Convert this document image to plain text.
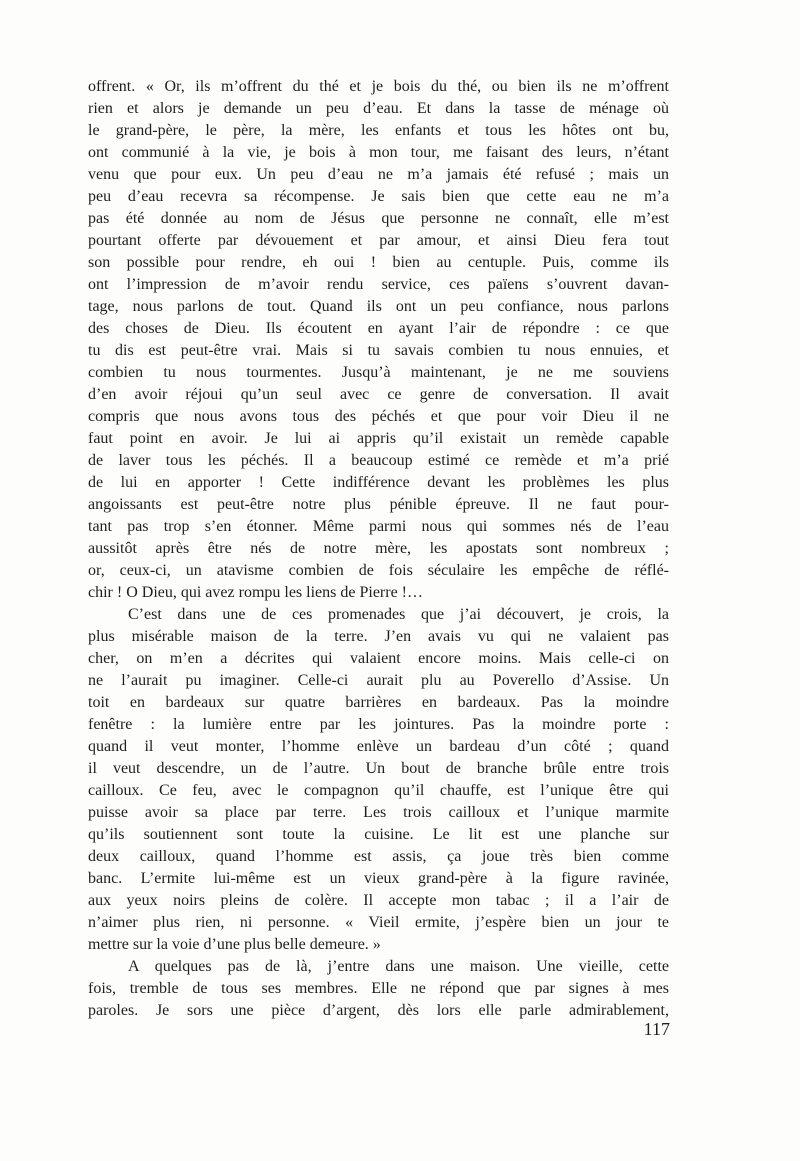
offrent. « Or, ils m’offrent du thé et je bois du thé, ou bien ils ne m’offrent
rien et alors je demande un peu d’eau. Et dans la tasse de ménage où
le grand-père, le père, la mère, les enfants et tous les hôtes ont bu,
ont communié à la vie, je bois à mon tour, me faisant des leurs, n’étant
venu que pour eux. Un peu d’eau ne m’a jamais été refusé ; mais un
peu d’eau recevra sa récompense. Je sais bien que cette eau ne m’a
pas été donnée au nom de Jésus que personne ne connaît, elle m’est
pourtant offerte par dévouement et par amour, et ainsi Dieu fera tout
son possible pour rendre, eh oui ! bien au centuple. Puis, comme ils
ont l’impression de m’avoir rendu service, ces païens s’ouvrent davan-
tage, nous parlons de tout. Quand ils ont un peu confiance, nous parlons
des choses de Dieu. Ils écoutent en ayant l’air de répondre : ce que
tu dis est peut-être vrai. Mais si tu savais combien tu nous ennuies, et
combien tu nous tourmentes. Jusqu’à maintenant, je ne me souviens
d’en avoir réjoui qu’un seul avec ce genre de conversation. Il avait
compris que nous avons tous des péchés et que pour voir Dieu il ne
faut point en avoir. Je lui ai appris qu’il existait un remède capable
de laver tous les péchés. Il a beaucoup estimé ce remède et m’a prié
de lui en apporter ! Cette indifférence devant les problèmes les plus
angoissants est peut-être notre plus pénible épreuve. Il ne faut pour-
tant pas trop s’en étonner. Même parmi nous qui sommes nés de l’eau
aussitôt après être nés de notre mère, les apostats sont nombreux ;
or, ceux-ci, un atavisme combien de fois séculaire les empêche de réflé-
chir ! O Dieu, qui avez rompu les liens de Pierre !…
C’est dans une de ces promenades que j’ai découvert, je crois, la
plus misérable maison de la terre. J’en avais vu qui ne valaient pas
cher, on m’en a décrites qui valaient encore moins. Mais celle-ci on
ne l’aurait pu imaginer. Celle-ci aurait plu au Poverello d’Assise. Un
toit en bardeaux sur quatre barrières en bardeaux. Pas la moindre
fenêtre : la lumière entre par les jointures. Pas la moindre porte :
quand il veut monter, l’homme enlève un bardeau d’un côté ; quand
il veut descendre, un de l’autre. Un bout de branche brûle entre trois
cailloux. Ce feu, avec le compagnon qu’il chauffe, est l’unique être qui
puisse avoir sa place par terre. Les trois cailloux et l’unique marmite
qu’ils soutiennent sont toute la cuisine. Le lit est une planche sur
deux cailloux, quand l’homme est assis, ça joue très bien comme
banc. L’ermite lui-même est un vieux grand-père à la figure ravinée,
aux yeux noirs pleins de colère. Il accepte mon tabac ; il a l’air de
n’aimer plus rien, ni personne. « Vieil ermite, j’espère bien un jour te
mettre sur la voie d’une plus belle demeure. »
A quelques pas de là, j’entre dans une maison. Une vieille, cette
fois, tremble de tous ses membres. Elle ne répond que par signes à mes
paroles. Je sors une pièce d’argent, dès lors elle parle admirablement,
117
